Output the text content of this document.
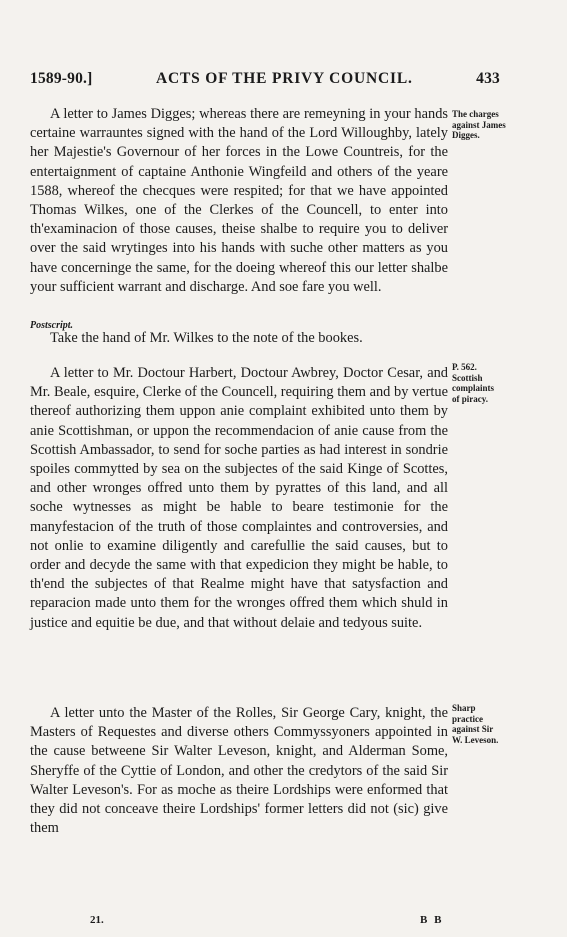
1589-90.]	ACTS OF THE PRIVY COUNCIL.	433

A letter to James Digges; whereas there are remeyning in your hands certaine warrauntes signed with the hand of the Lord Willoughby, lately her Majestie's Governour of her forces in the Lowe Countreis, for the entertaignment of captaine Anthonie Wingfeild and others of the yeare 1588, whereof the checques were respited; for that we have appointed Thomas Wilkes, one of the Clerkes of the Councell, to enter into th'examinacion of those causes, theise shalbe to require you to deliver over the said wrytinges into his hands with suche other matters as you have concerninge the same, for the doeing whereof this our letter shalbe your sufficient warrant and discharge. And soe fare you well.

The charges
against James
Digges.
Postscript.
Take the hand of Mr. Wilkes to the note of the bookes.

A letter to Mr. Doctour Harbert, Doctour Awbrey, Doctor Cesar, and Mr. Beale, esquire, Clerke of the Councell, requiring them and by vertue thereof authorizing them uppon anie complaint exhibited unto them by anie Scottishman, or uppon the recommendacion of anie cause from the Scottish Ambassador, to send for soche parties as had interest in sondrie spoiles commytted by sea on the subjectes of the said Kinge of Scottes, and other wronges offred unto them by pyrattes of this land, and all soche wytnesses as might be hable to beare testimonie for the manyfestacion of the truth of those complaintes and controversies, and not onlie to examine diligently and carefullie the said causes, but to order and decyde the same with that expedicion they might be hable, to th'end the subjectes of that Realme might have that satysfaction and reparacion made unto them for the wronges offred them which shuld in justice and equitie be due, and that without delaie and tedyous suite.

P. 562.
Scottish
complaints
of piracy.

A letter unto the Master of the Rolles, Sir George Cary, knight, the Masters of Requestes and diverse others Commyssyoners appointed in the cause betweene Sir Walter Leveson, knight, and Alderman Some, Sheryffe of the Cyttie of London, and other the credytors of the said Sir Walter Leveson's. For as moche as theire Lordships were enformed that they did not conceave theire Lordships' former letters did not (sic) give them

Sharp
practice
against Sir
W. Leveson.
21.	B B
